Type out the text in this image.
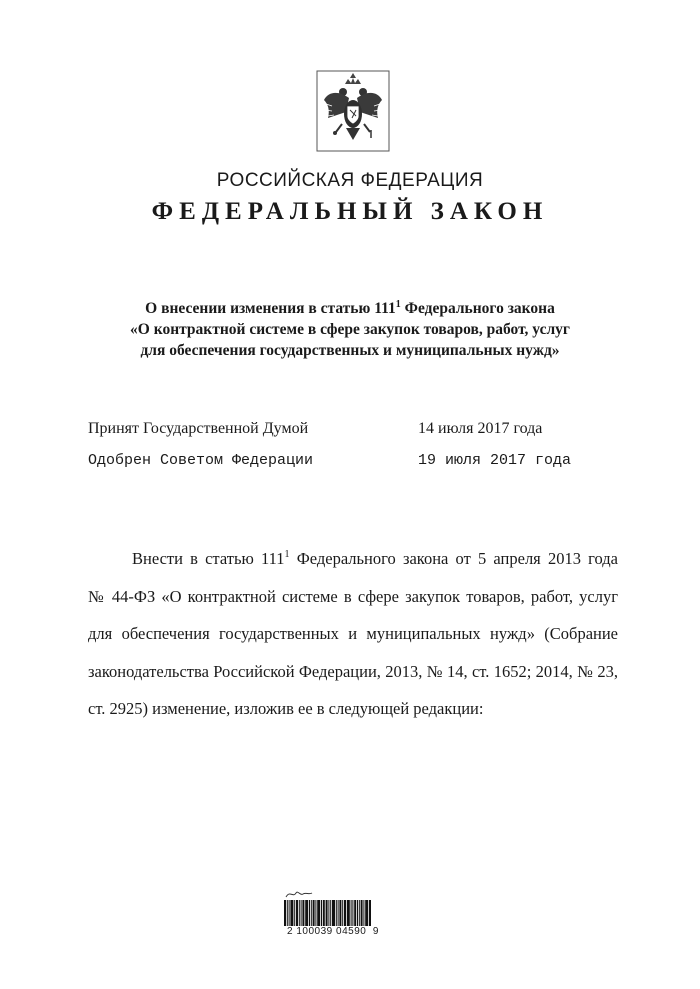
РОССИЙСКАЯ ФЕДЕРАЦИЯ
ФЕДЕРАЛЬНЫЙ ЗАКОН
О внесении изменения в статью $111^1$ Федерального закона
«О контрактной системе в сфере закупок товаров, работ, услуг
для обеспечения государственных и муниципальных нужд»
Принят Государственной Думой	14 июля 2017 года
Одобрен Советом Федерации	19 июля 2017 года
Внести в статью $111^1$ Федерального закона от 5 апреля 2013 года
№ 44-ФЗ «О контрактной системе в сфере закупок товаров, работ, услуг
для обеспечения государственных и муниципальных нужд» (Собрание
законодательства Российской Федерации, 2013, № 14, ст. 1652; 2014, № 23,
ст. 2925) изменение, изложив ее в следующей редакции:
2 100039 04590  9
